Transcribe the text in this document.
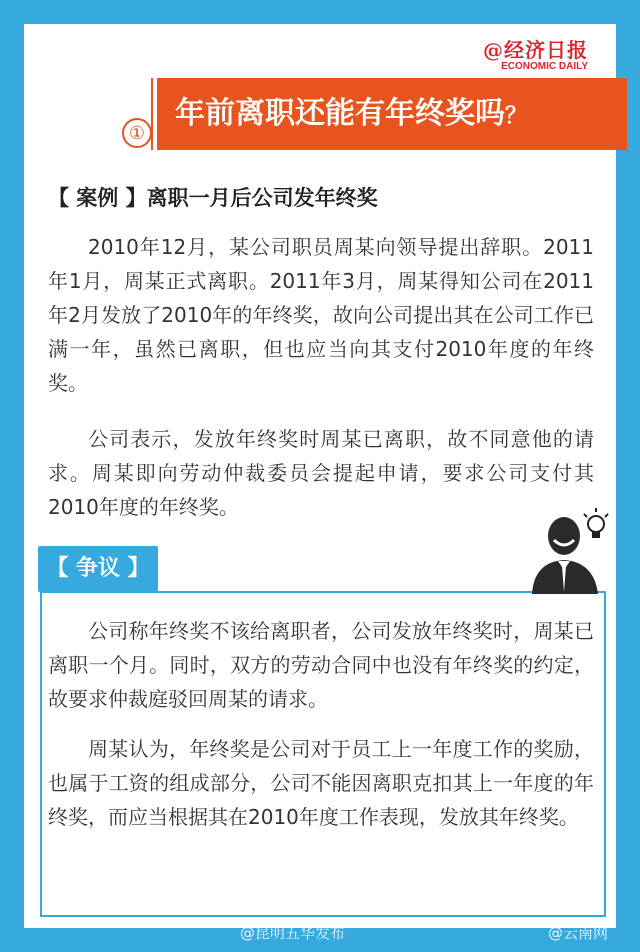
@经济日报
ECONOMIC DAILY
年前离职还能有年终奖吗？
①
【 案例 】离职一月后公司发年终奖

2010年12月，某公司职员周某向领导提出辞职。2011年1月，周某正式离职。2011年3月，周某得知公司在2011年2月发放了2010年的年终奖，故向公司提出其在公司工作已满一年，虽然已离职，但也应当向其支付2010年度的年终奖。

公司表示，发放年终奖时周某已离职，故不同意他的请求。周某即向劳动仲裁委员会提起申请，要求公司支付其2010年度的年终奖。

【 争议 】

公司称年终奖不该给离职者，公司发放年终奖时，周某已离职一个月。同时，双方的劳动合同中也没有年终奖的约定，故要求仲裁庭驳回周某的请求。

周某认为，年终奖是公司对于员工上一年度工作的奖励，也属于工资的组成部分，公司不能因离职克扣其上一年度的年终奖，而应当根据其在2010年度工作表现，发放其年终奖。

@昆明五华发布	@云南网
